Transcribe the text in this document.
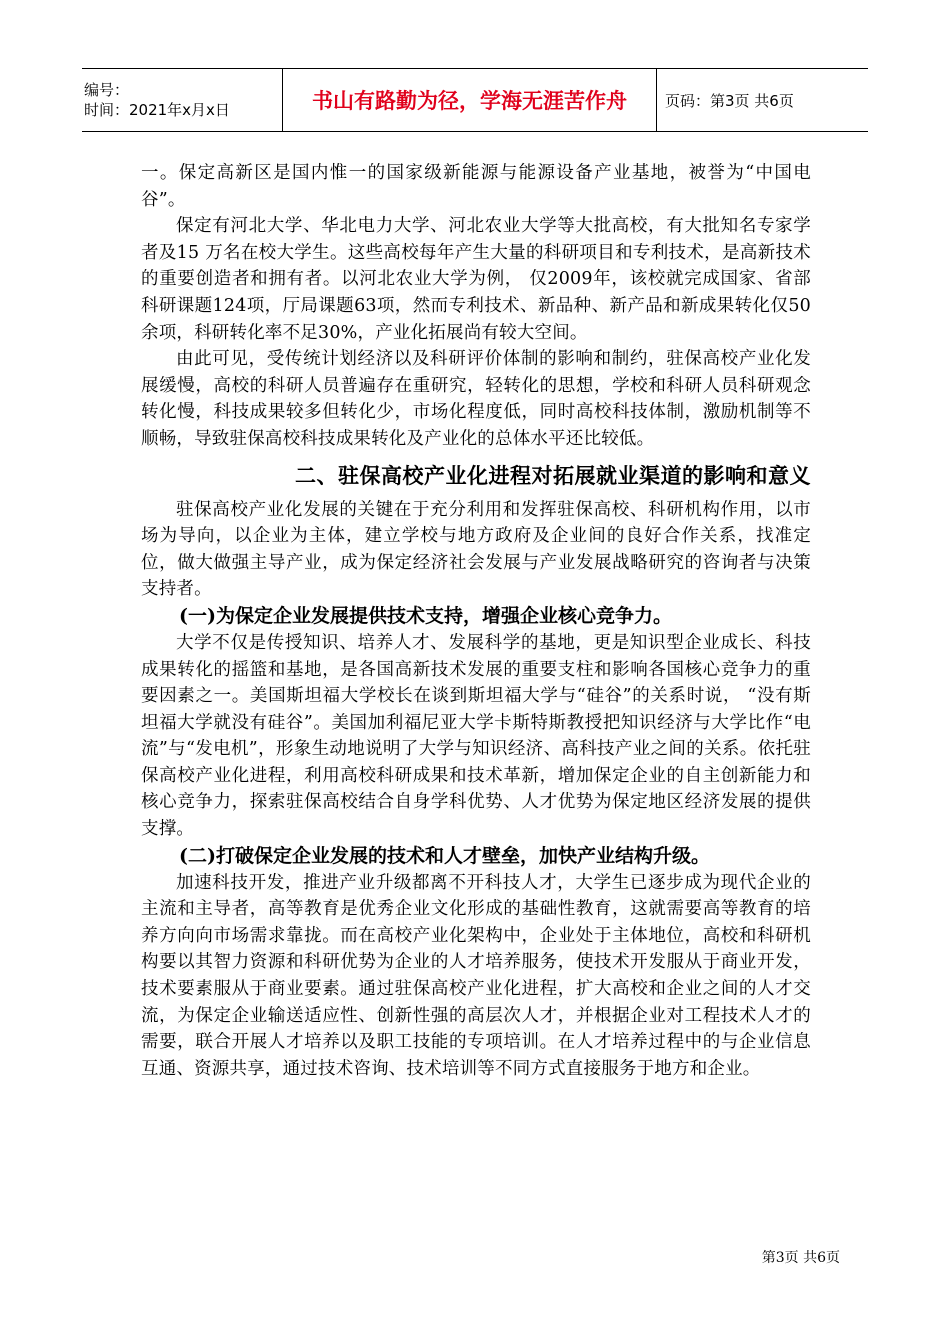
编号：
时间：2021年x月x日	书山有路勤为径，学海无涯苦作舟	页码：第3页 共6页

一。保定高新区是国内惟一的国家级新能源与能源设备产业基地，被誉为“中国电谷”。

保定有河北大学、华北电力大学、河北农业大学等大批高校，有大批知名专家学者及15 万名在校大学生。这些高校每年产生大量的科研项目和专利技术，是高新技术的重要创造者和拥有者。以河北农业大学为例， 仅2009年，该校就完成国家、省部科研课题124项，厅局课题63项，然而专利技术、新品种、新产品和新成果转化仅50余项，科研转化率不足30%，产业化拓展尚有较大空间。

由此可见，受传统计划经济以及科研评价体制的影响和制约，驻保高校产业化发展缓慢，高校的科研人员普遍存在重研究，轻转化的思想，学校和科研人员科研观念转化慢，科技成果较多但转化少，市场化程度低，同时高校科技体制，激励机制等不顺畅，导致驻保高校科技成果转化及产业化的总体水平还比较低。

二、驻保高校产业化进程对拓展就业渠道的影响和意义

驻保高校产业化发展的关键在于充分利用和发挥驻保高校、科研机构作用，以市场为导向，以企业为主体，建立学校与地方政府及企业间的良好合作关系，找准定位，做大做强主导产业，成为保定经济社会发展与产业发展战略研究的咨询者与决策支持者。

(一)为保定企业发展提供技术支持，增强企业核心竞争力。

大学不仅是传授知识、培养人才、发展科学的基地，更是知识型企业成长、科技成果转化的摇篮和基地，是各国高新技术发展的重要支柱和影响各国核心竞争力的重要因素之一。美国斯坦福大学校长在谈到斯坦福大学与“硅谷”的关系时说， “没有斯坦福大学就没有硅谷”。美国加利福尼亚大学卡斯特斯教授把知识经济与大学比作“电流”与“发电机”，形象生动地说明了大学与知识经济、高科技产业之间的关系。依托驻保高校产业化进程，利用高校科研成果和技术革新，增加保定企业的自主创新能力和核心竞争力，探索驻保高校结合自身学科优势、人才优势为保定地区经济发展的提供支撑。

(二)打破保定企业发展的技术和人才壁垒，加快产业结构升级。

加速科技开发，推进产业升级都离不开科技人才，大学生已逐步成为现代企业的主流和主导者，高等教育是优秀企业文化形成的基础性教育，这就需要高等教育的培养方向向市场需求靠拢。而在高校产业化架构中，企业处于主体地位，高校和科研机构要以其智力资源和科研优势为企业的人才培养服务，使技术开发服从于商业开发，技术要素服从于商业要素。通过驻保高校产业化进程，扩大高校和企业之间的人才交流，为保定企业输送适应性、创新性强的高层次人才，并根据企业对工程技术人才的需要，联合开展人才培养以及职工技能的专项培训。在人才培养过程中的与企业信息互通、资源共享，通过技术咨询、技术培训等不同方式直接服务于地方和企业。

第3页 共6页
